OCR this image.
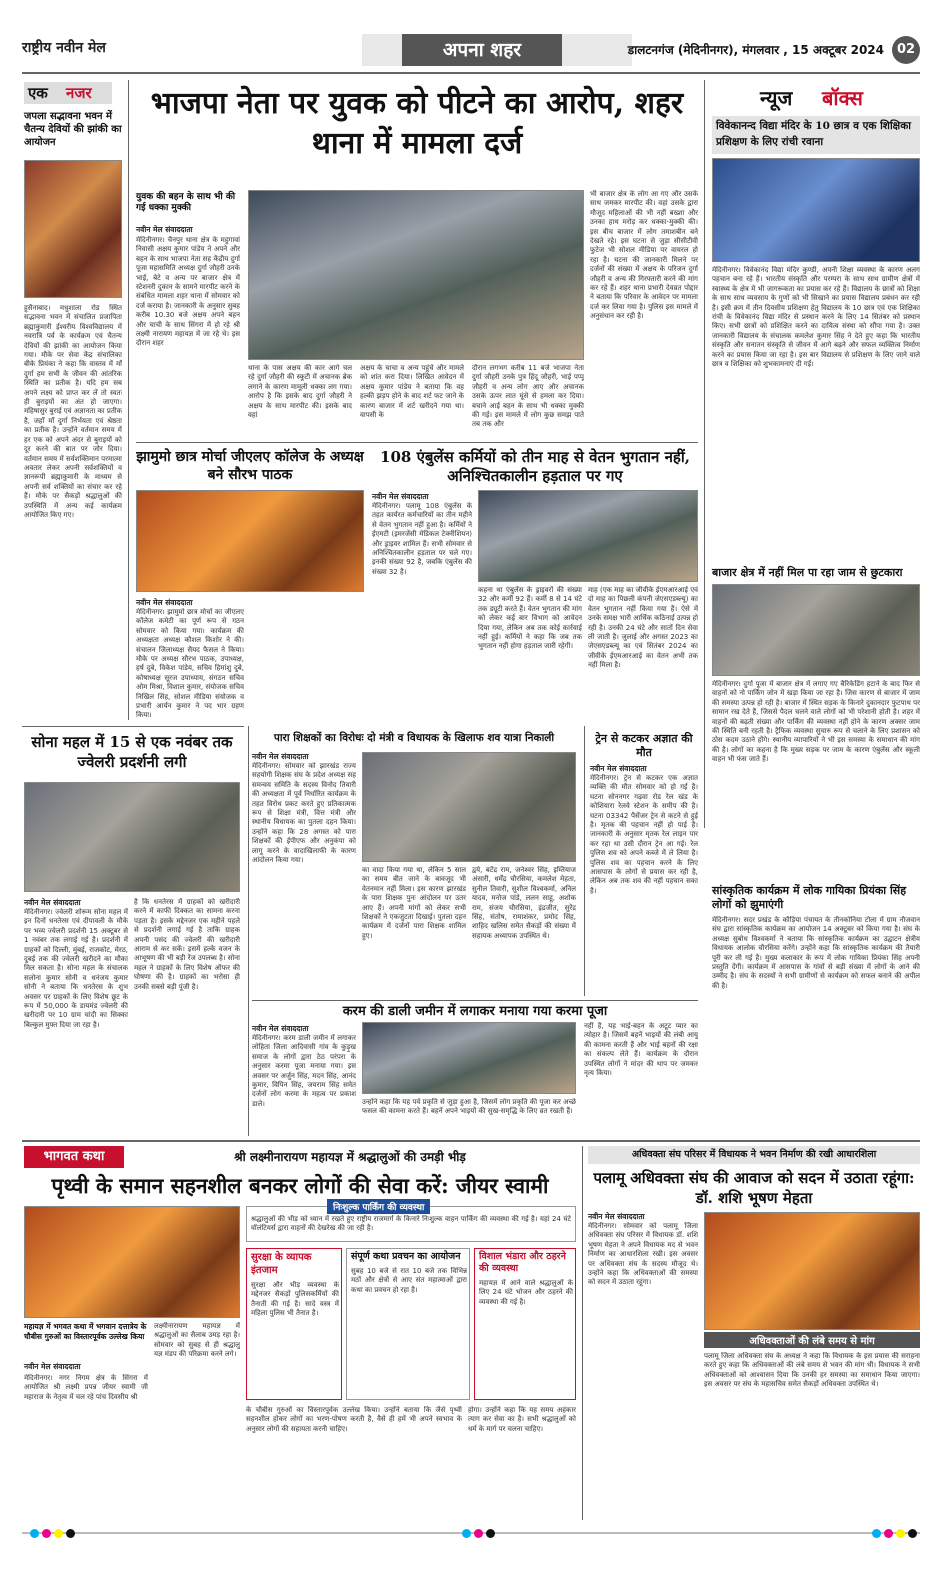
राष्ट्रीय नवीन मेल	अपना शहर	डालटनगंज (मेदिनीनगर), मंगलवार , 15 अक्टूबर 2024 02
एक नजर
जपला सद्भावना भवन में चैतन्य देवियों की झांकी का आयोजन
हुसैनाबाद। मधुशाला रोड स्थित सद्भावना भवन में संचालित प्रजापिता ब्रह्माकुमारी ईश्वरीय विश्वविद्यालय में नवरात्रि पर्व के कार्यक्रम एवं चैतन्य देवियों की झांकी का आयोजन किया गया। मौके पर सेवा केंद्र संचालिका बीके प्रियंका ने कहा कि वास्तव में माँ दुर्गा हम सभी के जीवन की आंतरिक स्थिति का प्रतीक है। यदि हम सब अपने लक्ष्य को प्राप्त कर लें तो स्वतः ही बुराइयों का अंत हो जाएगा। महिषासुर बुराई एवं अज्ञानता का प्रतीक है, जहाँ माँ दुर्गा निर्भयता एवं श्रेष्ठता का प्रतीक है। उन्होंने वर्तमान समय में हर एक को अपने अंदर से बुराइयों को दूर करने की बात पर जोर दिया। वर्तमान समय में सर्वशक्तिमान परमात्मा अवतार लेकर अपनी सर्वशक्तियों व ज्ञानरूपी ब्रह्माकुमारी के माध्यम से अपनी सर्व शक्तियों का संचार कर रहे हैं। मौके पर सैकड़ों श्रद्धालुओं की उपस्थिति में अन्य कई कार्यक्रम आयोजित किए गए।
भाजपा नेता पर युवक को पीटने का आरोप, शहर थाना में मामला दर्ज
युवक की बहन के साथ भी की गई धक्का मुक्की
नवीन मेल संवाददाता
मेदिनीनगर। चैनपुर थाना क्षेत्र के महुगावां निवासी अक्षय कुमार पांडेय ने अपने और बहन के साथ भाजपा नेता सह केंद्रीय दुर्गा पूजा महासमिति अध्यक्ष दुर्गा जौहरी उनके भाई, बेटे व अन्य पर बाजार क्षेत्र में स्टेशनरी दुकान के सामने मारपीट करने के संबंधित मामला शहर थाना में सोमवार को दर्ज कराया है। जानकारी के अनुसार सुबह करीब 10.30 बजे अक्षय अपने बहन और चाची के साथ सिंगरा में हो रहे श्री लक्ष्मी नारायण महायज्ञ में जा रहे थे। इस दौरान शहर
थाना के पास अक्षय की कार आगे चल रहे दुर्गा जौहरी की स्कूटी में अचानक ब्रेक लगाने के कारण मामूली धक्का लग गया। आरोप है कि इसके बाद दुर्गा जौहरी ने अक्षय के साथ मारपीट की। इसके बाद वहां
अक्षय के चाचा व अन्य पहुंचे और मामले को शांत करा दिया। लिखित आवेदन में अक्षय कुमार पांडेय ने बताया कि वह हल्की झड़प होने के बाद शर्ट फट जाने के कारण बाजार में शर्ट खरीदने गया था। वापसी के
दौरान लगभग करीब 11 बजे भाजपा नेता दुर्गा जौहरी उनके पुत्र हिंदू जौहरी, भाई पप्पू जौहरी व अन्य लोग आए और अचानक उसके ऊपर लात घूंसे से हमला कर दिया। बचाने आई बहन के साथ भी धक्का मुक्की की गई। इस मामले में लोग कुछ समझ पाते तब तक और
भी बाजार क्षेत्र के लोग आ गए और उसके साथ जमकर मारपीट की। वहां उसके द्वारा मौजूद महिलाओं की भी नहीं बख्शा और उनका हाथ मरोड़ कर धक्का-मुक्की की। इस बीच बाजार में लोग तमाशबीन बने देखते रहे। इस घटना से जुड़ा सीसीटीवी फुटेज भी सोशल मीडिया पर वायरल हो रहा है। घटना की जानकारी मिलने पर दर्जनों की संख्या में अक्षय के परिजन दुर्गा जौहरी व अन्य की गिरफ्तारी करने की मांग कर रहे हैं। शहर थाना प्रभारी देवव्रत पोद्दार ने बताया कि परिवार के आवेदन पर मामला दर्ज कर लिया गया है। पुलिस इस मामले में अनुसंधान कर रही है।
झामुमो छात्र मोर्चा जीएलए कॉलेज के अध्यक्ष बने सौरभ पाठक
नवीन मेल संवाददाता
मेदिनीनगर। झामुमो छात्र मोर्चा का जीएलए कॉलेज कमेटी का पूर्ण रूप से गठन सोमवार को किया गया। कार्यक्रम की अध्यक्षता अध्यक्ष कौशल किशोर ने की। संचालन जिलाध्यक्ष सैयद फैसल ने किया। मौके पर अध्यक्ष सौरभ पाठक, उपाध्यक्ष, हर्ष दुबे, विकेश पांडेय, सचिव हिमांशु दुबे, कोषाध्यक्ष सूरज उपाध्याय, संगठन सचिव ओम मिश्रा, विशाल कुमार, संयोजक सचिव निखिल सिंह, सोशल मीडिया संयोजक व प्रभारी आर्यन कुमार ने पद भार ग्रहण किया।
108 एंबुलेंस कर्मियों को तीन माह से वेतन भुगतान नहीं, अनिश्चितकालीन हड़ताल पर गए
नवीन मेल संवाददाता
मेदिनीनगर। पलामू 108 एंबुलेंस के तहत कार्यरत कर्मचारियों का तीन महीने से वेतन भुगतान नहीं हुआ है। कर्मियों ने ईएमटी (इमरजेंसी मेडिकल टेक्नीशियन) और ड्राइवर शामिल हैं। सभी सोमवार से अनिश्चितकालीन हड़ताल पर चले गए। इनकी संख्या 92 है, जबकि एंबुलेंस की संख्या 32 है।
कहना था एंबुलेंस के ड्राइवरों की संख्या 32 और कर्मी 92 हैं। कर्मी 8 से 14 घंटे तक ड्यूटी करते हैं। वेतन भुगतान की मांग को लेकर कई बार विभाग को आवेदन दिया गया, लेकिन अब तक कोई कार्रवाई नहीं हुई। कर्मियों ने कहा कि जब तक भुगतान नहीं होगा हड़ताल जारी रहेगी।
माह (एक माह का जीवीके ईएमआरआई एवं दो माह का पिछली कंपनी जेएसएडब्ल्यू) का वेतन भुगतान नहीं किया गया है। ऐसे में उनके समक्ष भारी आर्थिक कठिनाई उत्पन्न हो रही है। उनकी 24 घंटे और सातों दिन सेवा ली जाती है। जुलाई और अगस्त 2023 का जेएसएडब्ल्यू का एवं सितंबर 2024 का जीवीके ईएमआरआई का वेतन अभी तक नहीं मिला है।
न्यूज बॉक्स
विवेकानन्द विद्या मंदिर के 10 छात्र व एक शिक्षिका प्रशिक्षण के लिए रांची रवाना
मेदिनीनगर। विवेकानंद विद्या मंदिर कुण्डी, अपनी शिक्षा व्यवस्था के कारण अलग पहचान बना रहे हैं। भारतीय संस्कृति और परम्परा के साथ साथ ग्रामीण क्षेत्रों में स्वास्थ्य के क्षेत्र में भी जागरूकता का प्रयास कर रहे हैं। विद्यालय के छात्रों को शिक्षा के साथ साथ व्यवसाय के गुणों को भी सिखाने का प्रयास विद्यालय प्रबंधन कर रही है। इसी क्रम में तीन दिवसीय प्रशिक्षण हेतु विद्यालय के 10 छात्र एवं एक शिक्षिका रांची के विवेकानंद विद्या मंदिर से प्रस्थान करने के लिए 14 सितंबर को प्रस्थान किए। सभी छात्रों को प्रशिक्षित करने का दायित्व संस्था को सौंपा गया है। उक्त जानकारी विद्यालय के संचालक कमलेश कुमार सिंह ने देते हुए कहा कि भारतीय संस्कृति और सनातन संस्कृति से जीवन में आगे बढ़ने और सफल व्यक्तित्व निर्माण करने का प्रयास किया जा रहा है। इस बार विद्यालय से प्रशिक्षण के लिए जाने वाले छात्र व शिक्षिका को शुभकामनाएं दी गईं।
बाजार क्षेत्र में नहीं मिल पा रहा जाम से छुटकारा
मेदिनीनगर। दुर्गा पूजा में बाजार क्षेत्र में लगाए गए बैरिकेडिंग हटाने के बाद फिर से वाहनों को नो पार्किंग जोन में खड़ा किया जा रहा है। जिस कारण से बाजार में जाम की समस्या उत्पन्न हो रही है। बाजार में स्थित सड़क के किनारे दुकानदार फुटपाथ पर सामान रख देते हैं, जिससे पैदल चलने वाले लोगों को भी परेशानी होती है। शहर में वाहनों की बढ़ती संख्या और पार्किंग की व्यवस्था नहीं होने के कारण अक्सर जाम की स्थिति बनी रहती है। ट्रैफिक व्यवस्था सुचारु रूप से चलाने के लिए प्रशासन को ठोस कदम उठाने होंगे। स्थानीय व्यापारियों ने भी इस समस्या के समाधान की मांग की है। लोगों का कहना है कि मुख्य सड़क पर जाम के कारण एंबुलेंस और स्कूली वाहन भी फंस जाते हैं।
सांस्कृतिक कार्यक्रम में लोक गायिका प्रियंका सिंह लोगों को झुमाएंगी
मेदिनीनगर। सदर प्रखंड के कौड़िया पंचायत के तीनकोनिया टोला में ग्राम नौजवान संघ द्वारा सांस्कृतिक कार्यक्रम का आयोजन 14 अक्टूबर को किया गया है। संघ के अध्यक्ष सुबोध विश्वकर्मा ने बताया कि सांस्कृतिक कार्यक्रम का उद्घाटन क्षेत्रीय विधायक आलोक चौरसिया करेंगे। उन्होंने कहा कि सांस्कृतिक कार्यक्रम की तैयारी पूरी कर ली गई है। मुख्य कलाकार के रूप में लोक गायिका प्रियंका सिंह अपनी प्रस्तुति देंगी। कार्यक्रम में आसपास के गांवों से बड़ी संख्या में लोगों के आने की उम्मीद है। संघ के सदस्यों ने सभी ग्रामीणों से कार्यक्रम को सफल बनाने की अपील की है।
सोना महल में 15 से एक नवंबर तक ज्वेलरी प्रदर्शनी लगी
नवीन मेल संवाददाता
मेदिनीनगर। ज्वेलरी शोरूम सोना महल में इन दिनों धनतेरस एवं दीपावली के मौके पर भव्य ज्वेलरी प्रदर्शनी 15 अक्टूबर से 1 नवंबर तक लगाई गई है। प्रदर्शनी में ग्राहकों को दिल्ली, मुंबई, राजकोट, मेरठ, दुबई तक की ज्वेलरी खरीदने का मौका मिल सकता है। सोना महल के संचालक सलोना कुमार सोनी व धनंजय कुमार सोनी ने बताया कि धनतेरस के शुभ अवसर पर ग्राहकों के लिए विशेष छूट के रूप में 50,000 के डायमंड ज्वेलरी की खरीदारी पर 10 ग्राम चांदी का सिक्का बिल्कुल मुफ्त दिया जा रहा है।
है कि धनतेरस में ग्राहकों को खरीदारी करने में काफी दिक्कत का सामना करना पड़ता है। इसके मद्देनजर एक महीने पहले से प्रदर्शनी लगाई गई है ताकि ग्राहक अपनी पसंद की ज्वेलरी की खरीदारी आराम से कर सकें। इसमें हल्के वजन के आभूषण की भी बड़ी रेंज उपलब्ध है। सोना महल ने ग्राहकों के लिए विशेष ऑफर की घोषणा की है। ग्राहकों का भरोसा ही उनकी सबसे बड़ी पूंजी है।
पारा शिक्षकों का विरोधः दो मंत्री व विधायक के खिलाफ शव यात्रा निकाली
नवीन मेल संवाददाता
मेदिनीनगर। सोमवार को झारखंड राज्य सहयोगी शिक्षक संघ के प्रदेश अध्यक्ष सह समन्वय समिति के सदस्य विनोद तिवारी की अध्यक्षता में पूर्व निर्धारित कार्यक्रम के तहत विरोध प्रकट करते हुए प्रतिकात्मक रूप से शिक्षा मंत्री, वित्त मंत्री और स्थानीय विधायक का पुतला दहन किया। उन्होंने कहा कि 28 अगस्त को पारा शिक्षकों की ईपीएफ और अनुकंपा को लागू करने के वादाखिलाफी के कारण आंदोलन किया गया।
का वादा किया गया था, लेकिन 5 साल का समय बीत जाने के बावजूद भी वेतनमान नहीं मिला। इस कारण झारखंड के पारा शिक्षक पुनः आंदोलन पर उतर आए हैं। अपनी मांगों को लेकर सभी शिक्षकों ने एकजुटता दिखाई। पुतला दहन कार्यक्रम में दर्जनों पारा शिक्षक शामिल हुए।
द्वये, बटेंद्र राम, जनेश्वर सिंह, इम्तियाज अंसारी, धर्मेंद्र चौरसिया, कमलेश मेहता, सुनील तिवारी, सुशील विश्वकर्मा, अनिल यादव, मनोज पांडे, ललन साहू, अशोक राम, संजय चौरसिया, इंद्रजीत, सुरेंद्र सिंह, संतोष, रामाशंकर, प्रमोद सिंह, शाहिद खलिस समेत सैकड़ों की संख्या में सहायक अध्यापक उपस्थित थे।
ट्रेन से कटकर अज्ञात की मौत
नवीन मेल संवाददाता
मेदिनीनगर। ट्रेन से कटकर एक अज्ञात व्यक्ति की मौत सोमवार को हो गई है। घटना सोननगर गढ़वा रोड रेल खंड के कोशियारा रेलवे स्टेशन के समीप की है। घटना 03342 पैसेंजर ट्रेन से कटने से हुई है। मृतक की पहचान नहीं हो पाई है। जानकारी के अनुसार मृतक रेल लाइन पार कर रहा था उसी दौरान ट्रेन आ गई। रेल पुलिस शव को अपने कब्जे में ले लिया है। पुलिस शव का पहचान करने के लिए आसपास के लोगों से प्रयास कर रही है, लेकिन अब तक शव की नहीं पहचान सका है।
करम की डाली जमीन में लगाकर मनाया गया करमा पूजा
नवीन मेल संवाददाता
मेदिनीनगर। करम डाली जमीन में लगाकर लोहिता जिला आदिवासी गांव के कुड़ुख समाज के लोगों द्वारा ठेठ परंपरा के अनुसार करमा पूजा मनाया गया। इस अवसर पर अर्जुन सिंह, मदन सिंह, आनंद कुमार, विपिन सिंह, जयराम सिंह समेत दर्जनों लोग करमा के महत्व पर प्रकाश डाले।	उन्होंने कहा कि यह पर्व प्रकृति से जुड़ा हुआ है, जिसमें लोग प्रकृति की पूजा कर अच्छे फसल की कामना करते हैं। बहनें अपने भाइयों की सुख-समृद्धि के लिए व्रत रखती हैं।
नहीं है, यह भाई-बहन के अटूट प्यार का त्योहार है। जिसमें बहनें भाइयों की लंबी आयु की कामना करती हैं और भाई बहनों की रक्षा का संकल्प लेते हैं। कार्यक्रम के दौरान उपस्थित लोगों ने मांदर की थाप पर जमकर नृत्य किया।
भागवत कथा	श्री लक्ष्मीनारायण महायज्ञ में श्रद्धालुओं की उमड़ी भीड़
पृथ्वी के समान सहनशील बनकर लोगों की सेवा करें: जीयर स्वामी
महायज्ञ में भगवत कथा में भगवान दत्तात्रेय के चौबीस गुरुओं का विस्तारपूर्वक उल्लेख किया
नवीन मेल संवाददाता
मेदिनीनगर। नगर निगम क्षेत्र के सिंगरा में आयोजित श्री लक्ष्मी प्रपन्न जीयर स्वामी जी महाराज के नेतृत्व में चल रहे पांच दिवसीय श्री
लक्ष्मीनारायण महायज्ञ में श्रद्धालुओं का सैलाब उमड़ रहा है। सोमवार को सुबह से ही श्रद्धालु यज्ञ मंडप की परिक्रमा करने लगे।
निःशुल्क पार्किंग की व्यवस्था
श्रद्धालुओं की भीड़ को ध्यान में रखते हुए राष्ट्रीय राजमार्ग के किनारे निःशुल्क वाहन पार्किंग की व्यवस्था की गई है। यहां 24 घंटे वॉलंटियर्स द्वारा वाहनों की देखरेख की जा रही है।
सुरक्षा के व्यापक इंतजाम
सुरक्षा और भीड़ व्यवस्था के मद्देनजर सैकड़ों पुलिसकर्मियों की तैनाती की गई है। सादे वस्त्र में महिला पुलिस भी तैनात है।
संपूर्ण कथा प्रवचन का आयोजन
सुबह 10 बजे से रात 10 बजे तक विभिन्न मठों और क्षेत्रों से आए संत महात्माओं द्वारा कथा का प्रवचन हो रहा है।
विशाल भंडारा और ठहरने की व्यवस्था
महायज्ञ में आने वाले श्रद्धालुओं के लिए 24 घंटे भोजन और ठहरने की व्यवस्था की गई है।
के चौबीस गुरुओं का विस्तारपूर्वक उल्लेख किया। उन्होंने बताया कि जैसे पृथ्वी सहनशील होकर लोगों का भरण-पोषण करती है, वैसे ही हमें भी अपने स्वभाव के अनुसार लोगों की सहायता करनी चाहिए।
होगा। उन्होंने कहा कि यह समय अहंकार त्याग कर सेवा का है। सभी श्रद्धालुओं को धर्म के मार्ग पर चलना चाहिए।
अधिवक्ता संघ परिसर में विधायक ने भवन निर्माण की रखी आधारशिला
पलामू अधिवक्ता संघ की आवाज को सदन में उठाता रहूंगा: डॉ. शशि भूषण मेहता
नवीन मेल संवाददाता
मेदिनीनगर। सोमवार को पलामू जिला अधिवक्ता संघ परिसर में विधायक डॉ. शशि भूषण मेहता ने अपने विधायक मद से भवन निर्माण का आधारशिला रखी। इस अवसर पर अधिवक्ता संघ के सदस्य मौजूद थे। उन्होंने कहा कि अधिवक्ताओं की समस्या को सदन में उठाता रहूंगा।
अधिवक्ताओं की लंबे समय से मांग
पलामू जिला अधिवक्ता संघ के अध्यक्ष ने कहा कि विधायक के इस प्रयास की सराहना करते हुए कहा कि अधिवक्ताओं की लंबे समय से भवन की मांग थी। विधायक ने सभी अधिवक्ताओं को आश्वासन दिया कि उनकी हर समस्या का समाधान किया जाएगा। इस अवसर पर संघ के महासचिव समेत सैकड़ों अधिवक्ता उपस्थित थे।
